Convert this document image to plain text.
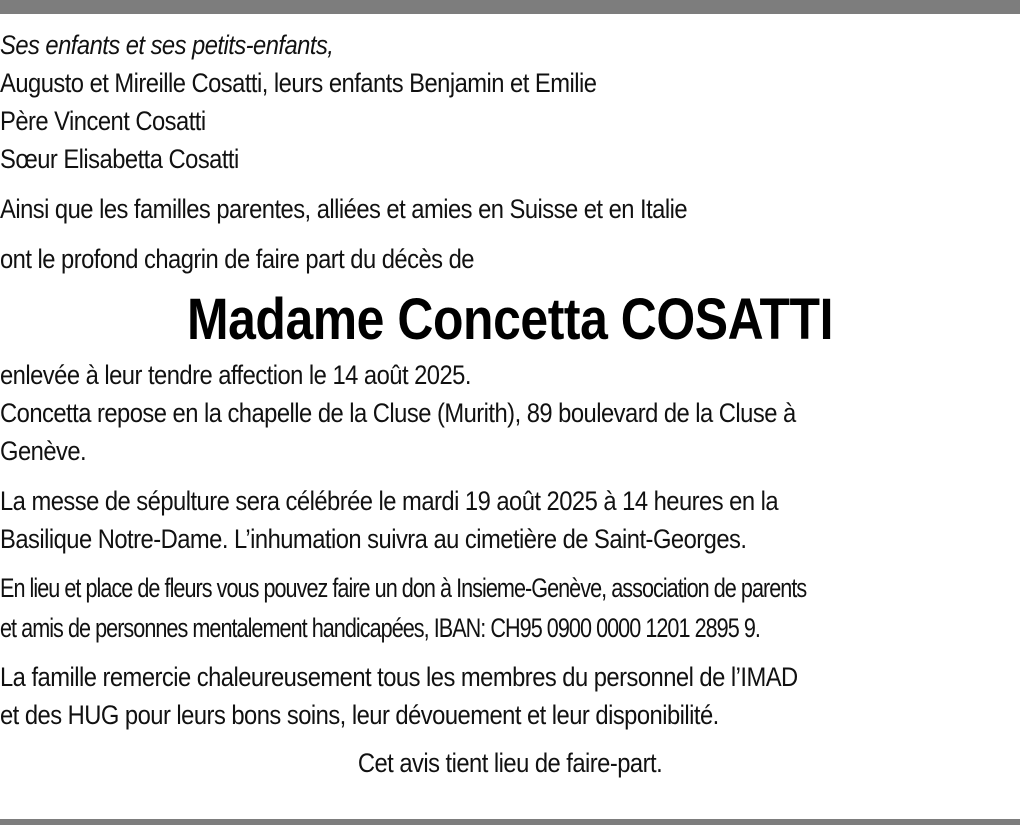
Ses enfants et ses petits-enfants,
Augusto et Mireille Cosatti, leurs enfants Benjamin et Emilie
Père Vincent Cosatti
Sœur Elisabetta Cosatti
Ainsi que les familles parentes, alliées et amies en Suisse et en Italie
ont le profond chagrin de faire part du décès de
Madame Concetta COSATTI
enlevée à leur tendre affection le 14 août 2025.
Concetta repose en la chapelle de la Cluse (Murith), 89 boulevard de la Cluse à
Genève.
La messe de sépulture sera célébrée le mardi 19 août 2025 à 14 heures en la
Basilique Notre-Dame. L’inhumation suivra au cimetière de Saint-Georges.
En lieu et place de fleurs vous pouvez faire un don à Insieme-Genève, association de parents
et amis de personnes mentalement handicapées, IBAN: CH95 0900 0000 1201 2895 9.
La famille remercie chaleureusement tous les membres du personnel de l’IMAD
et des HUG pour leurs bons soins, leur dévouement et leur disponibilité.
Cet avis tient lieu de faire-part.
